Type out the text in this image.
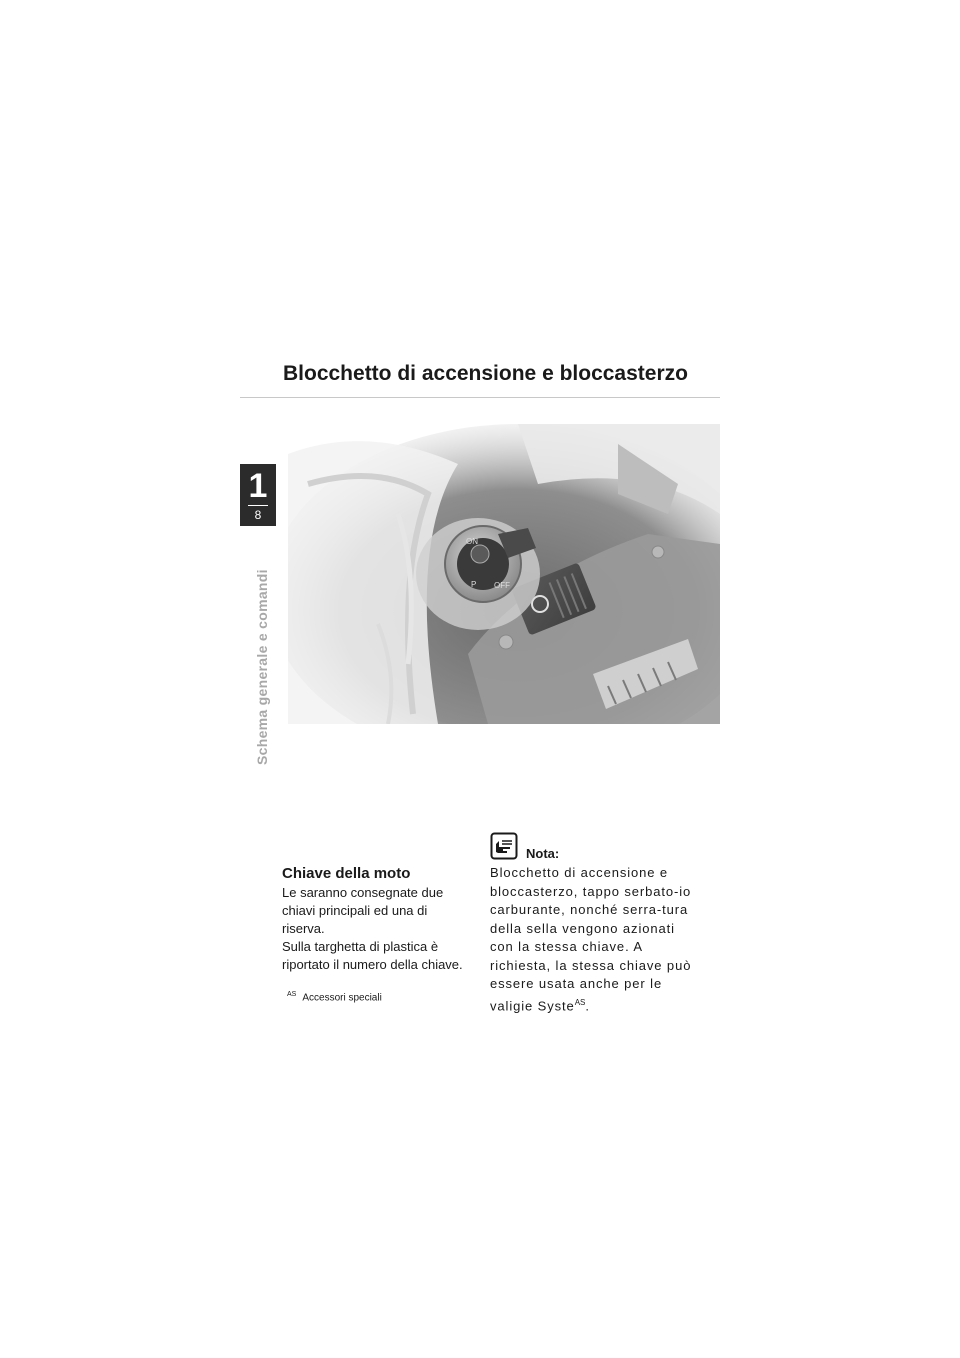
Blocchetto di accensione e bloccasterzo
1
8
Schema generale e comandi
ON
OFF
P
Chiave della moto

Le saranno consegnate due chiavi principali ed una di riserva.

Sulla targhetta di plastica è riportato il numero della chiave.

$^{AS}$ Accessori speciali
Nota:
Blocchetto di accensione e bloccasterzo, tappo serbato-io carburante, nonché serra-tura della sella vengono azionati con la stessa chiave. A richiesta, la stessa chiave può essere usata anche per le valigie Syste$^{AS}$.
